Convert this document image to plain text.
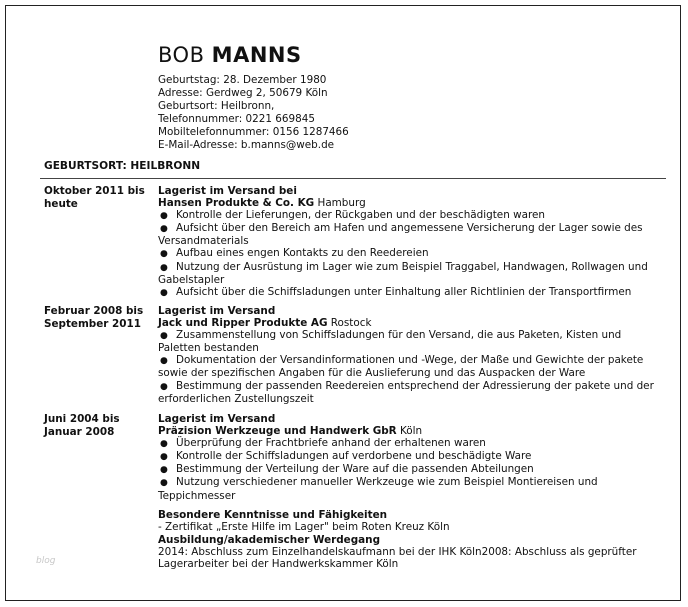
BOB MANNS
Geburtstag: 28. Dezember 1980
Adresse: Gerdweg 2, 50679 Köln
Geburtsort: Heilbronn,
Telefonnummer: 0221 669845
Mobiltelefonnummer: 0156 1287466
E-Mail-Adresse: b.manns@web.de
GEBURTSORT: HEILBRONN
Oktober 2011 bis heute
Lagerist im Versand bei
Hansen Produkte & Co. KG Hamburg
● Kontrolle der Lieferungen, der Rückgaben und der beschädigten waren
● Aufsicht über den Bereich am Hafen und angemessene Versicherung der Lager sowie des Versandmaterials
● Aufbau eines engen Kontakts zu den Reedereien
● Nutzung der Ausrüstung im Lager wie zum Beispiel Traggabel, Handwagen, Rollwagen und Gabelstapler
● Aufsicht über die Schiffsladungen unter Einhaltung aller Richtlinien der Transportfirmen
Februar 2008 bis September 2011
Lagerist im Versand
Jack und Ripper Produkte AG Rostock
● Zusammenstellung von Schiffsladungen für den Versand, die aus Paketen, Kisten und Paletten bestanden
● Dokumentation der Versandinformationen und -Wege, der Maße und Gewichte der pakete sowie der spezifischen Angaben für die Auslieferung und das Auspacken der Ware
● Bestimmung der passenden Reedereien entsprechend der Adressierung der pakete und der erforderlichen Zustellungszeit
Juni 2004 bis Januar 2008
Lagerist im Versand
Präzision Werkzeuge und Handwerk GbR Köln
● Überprüfung der Frachtbriefe anhand der erhaltenen waren
● Kontrolle der Schiffsladungen auf verdorbene und beschädigte Ware
● Bestimmung der Verteilung der Ware auf die passenden Abteilungen
● Nutzung verschiedener manueller Werkzeuge wie zum Beispiel Montiereisen und Teppichmesser
Besondere Kenntnisse und Fähigkeiten
- Zertifikat „Erste Hilfe im Lager" beim Roten Kreuz Köln
Ausbildung/akademischer Werdegang
2014: Abschluss zum Einzelhandelskaufmann bei der IHK Köln2008: Abschluss als geprüfter Lagerarbeiter bei der Handwerkskammer Köln
blog
